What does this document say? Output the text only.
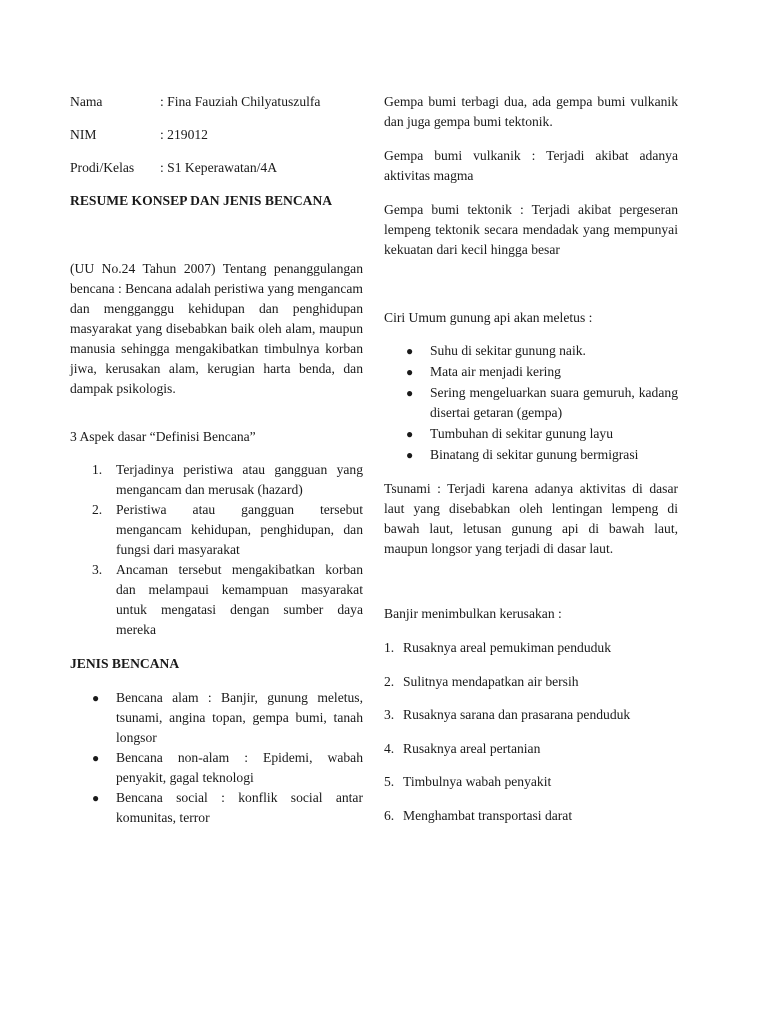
Nama	: Fina Fauziah Chilyatuszulfa
NIM	: 219012
Prodi/Kelas	: S1 Keperawatan/4A

RESUME KONSEP DAN JENIS BENCANA

(UU No.24 Tahun 2007) Tentang penanggulangan bencana : Bencana adalah peristiwa yang mengancam dan mengganggu kehidupan dan penghidupan masyarakat yang disebabkan baik oleh alam, maupun manusia sehingga mengakibatkan timbulnya korban jiwa, kerusakan alam, kerugian harta benda, dan dampak psikologis.

3 Aspek dasar “Definisi Bencana”

1. Terjadinya peristiwa atau gangguan yang mengancam dan merusak (hazard)
2. Peristiwa atau gangguan tersebut mengancam kehidupan, penghidupan, dan fungsi dari masyarakat
3. Ancaman tersebut mengakibatkan korban dan melampaui kemampuan masyarakat untuk mengatasi dengan sumber daya mereka

JENIS BENCANA

● Bencana alam : Banjir, gunung meletus, tsunami, angina topan, gempa bumi, tanah longsor
● Bencana non-alam : Epidemi, wabah penyakit, gagal teknologi
● Bencana social : konflik social antar komunitas, terror

Gempa bumi terbagi dua, ada gempa bumi vulkanik dan juga gempa bumi tektonik.

Gempa bumi vulkanik : Terjadi akibat adanya aktivitas magma

Gempa bumi tektonik : Terjadi akibat pergeseran lempeng tektonik secara mendadak yang mempunyai kekuatan dari kecil hingga besar

Ciri Umum gunung api akan meletus :

● Suhu di sekitar gunung naik.
● Mata air menjadi kering
● Sering mengeluarkan suara gemuruh, kadang disertai getaran (gempa)
● Tumbuhan di sekitar gunung layu
● Binatang di sekitar gunung bermigrasi

Tsunami : Terjadi karena adanya aktivitas di dasar laut yang disebabkan oleh lentingan lempeng di bawah laut, letusan gunung api di bawah laut, maupun longsor yang terjadi di dasar laut.

Banjir menimbulkan kerusakan :

1. Rusaknya areal pemukiman penduduk
2. Sulitnya mendapatkan air bersih
3. Rusaknya sarana dan prasarana penduduk
4. Rusaknya areal pertanian
5. Timbulnya wabah penyakit
6. Menghambat transportasi darat
